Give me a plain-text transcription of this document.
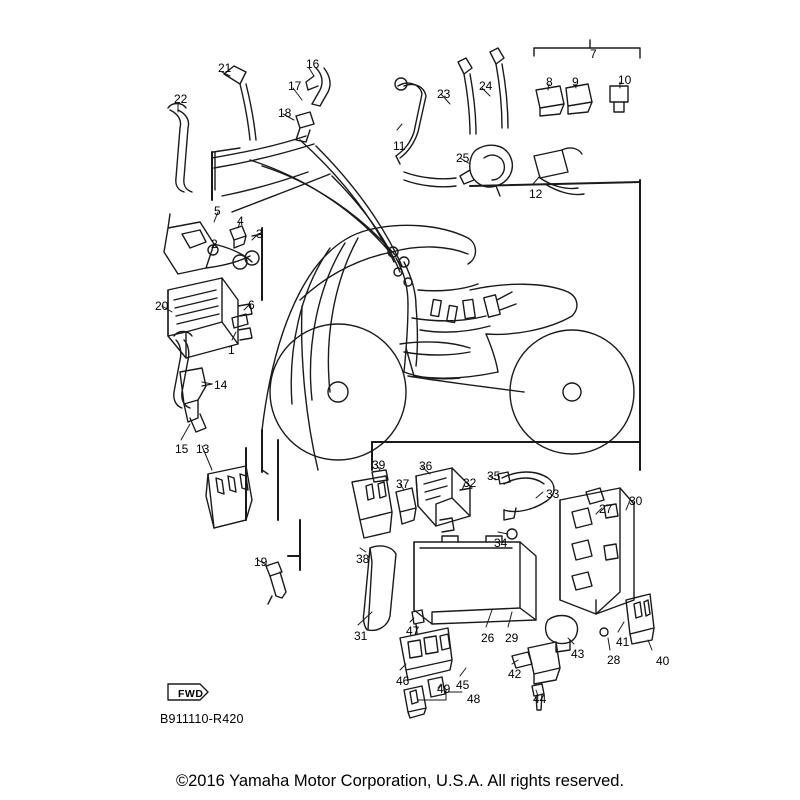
FWD
B911110-R420
©2016 Yamaha Motor Corporation, U.S.A. All rights reserved.
1
2
3
4
5
6
7
8 9	10
11
12
13
14
15
16
17
18
19
20
21
22	23
24
25
26
27
28
29
30
31
32
33
34
35
36
37
38
39
40
41
42
43
44
45
46
47
48
49
